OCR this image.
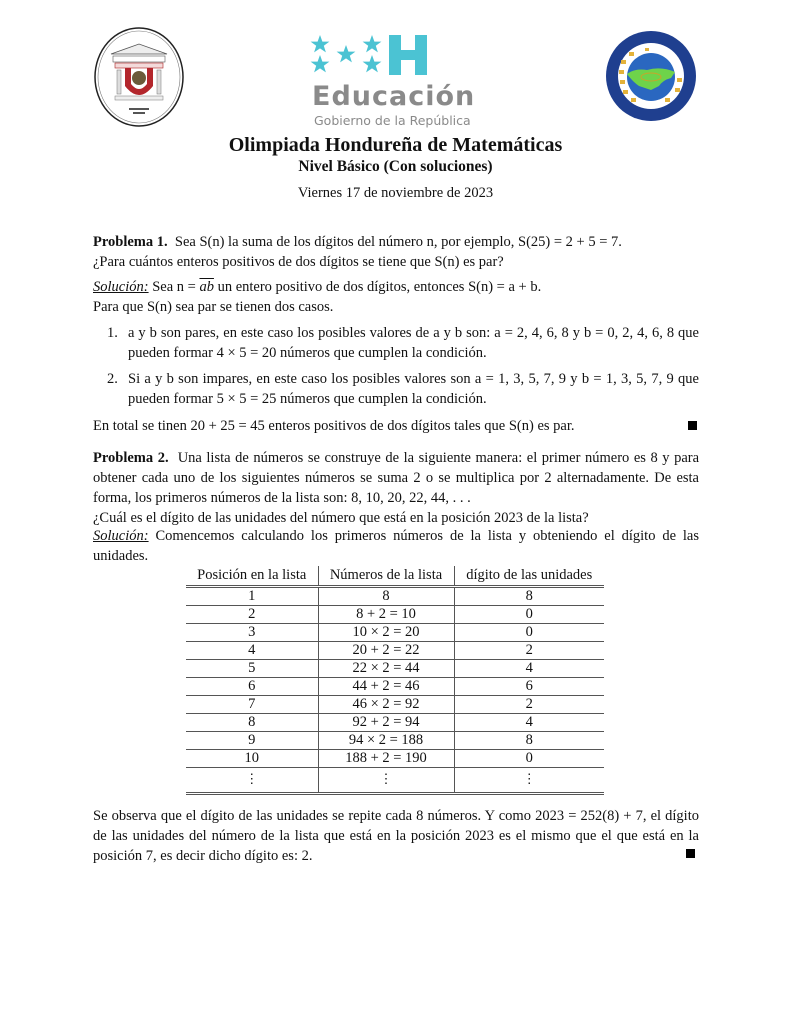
Educación
Gobierno de la República
Olimpiada Hondureña de Matemáticas
Nivel Básico (Con soluciones)
Viernes 17 de noviembre de 2023
Problema 1. Sea S(n) la suma de los dígitos del número n, por ejemplo, S(25) = 2 + 5 = 7.
¿Para cuántos enteros positivos de dos dígitos se tiene que S(n) es par?
Solución: Sea $n = \overline{ab}$ un entero positivo de dos dígitos, entonces S(n) = a + b.
Para que S(n) sea par se tienen dos casos.
1. a y b son pares, en este caso los posibles valores de a y b son: a = 2, 4, 6, 8 y b = 0, 2, 4, 6, 8 que pueden formar 4 × 5 = 20 números que cumplen la condición.
2. Si a y b son impares, en este caso los posibles valores son a = 1, 3, 5, 7, 9 y b = 1, 3, 5, 7, 9 que pueden formar 5 × 5 = 25 números que cumplen la condición.
En total se tinen 20 + 25 = 45 enteros positivos de dos dígitos tales que S(n) es par.
Problema 2. Una lista de números se construye de la siguiente manera: el primer número es 8 y para obtener cada uno de los siguientes números se suma 2 o se multiplica por 2 alternadamente. De esta forma, los primeros números de la lista son: 8, 10, 20, 22, 44, . . .
¿Cuál es el dígito de las unidades del número que está en la posición 2023 de la lista?
Solución: Comencemos calculando los primeros números de la lista y obteniendo el dígito de las unidades.
Posición en la lista	Números de la lista	dígito de las unidades
1	8	8
2	8 + 2 = 10	0
3	10 × 2 = 20	0
4	20 + 2 = 22	2
5	22 × 2 = 44	4
6	44 + 2 = 46	6
7	46 × 2 = 92	2
8	92 + 2 = 94	4
9	94 × 2 = 188	8
10	188 + 2 = 190	0
⋮	⋮	⋮
Se observa que el dígito de las unidades se repite cada 8 números. Y como 2023 = 252(8) + 7, el dígito de las unidades del número de la lista que está en la posición 2023 es el mismo que el que está en la posición 7, es decir dicho dígito es: 2.
